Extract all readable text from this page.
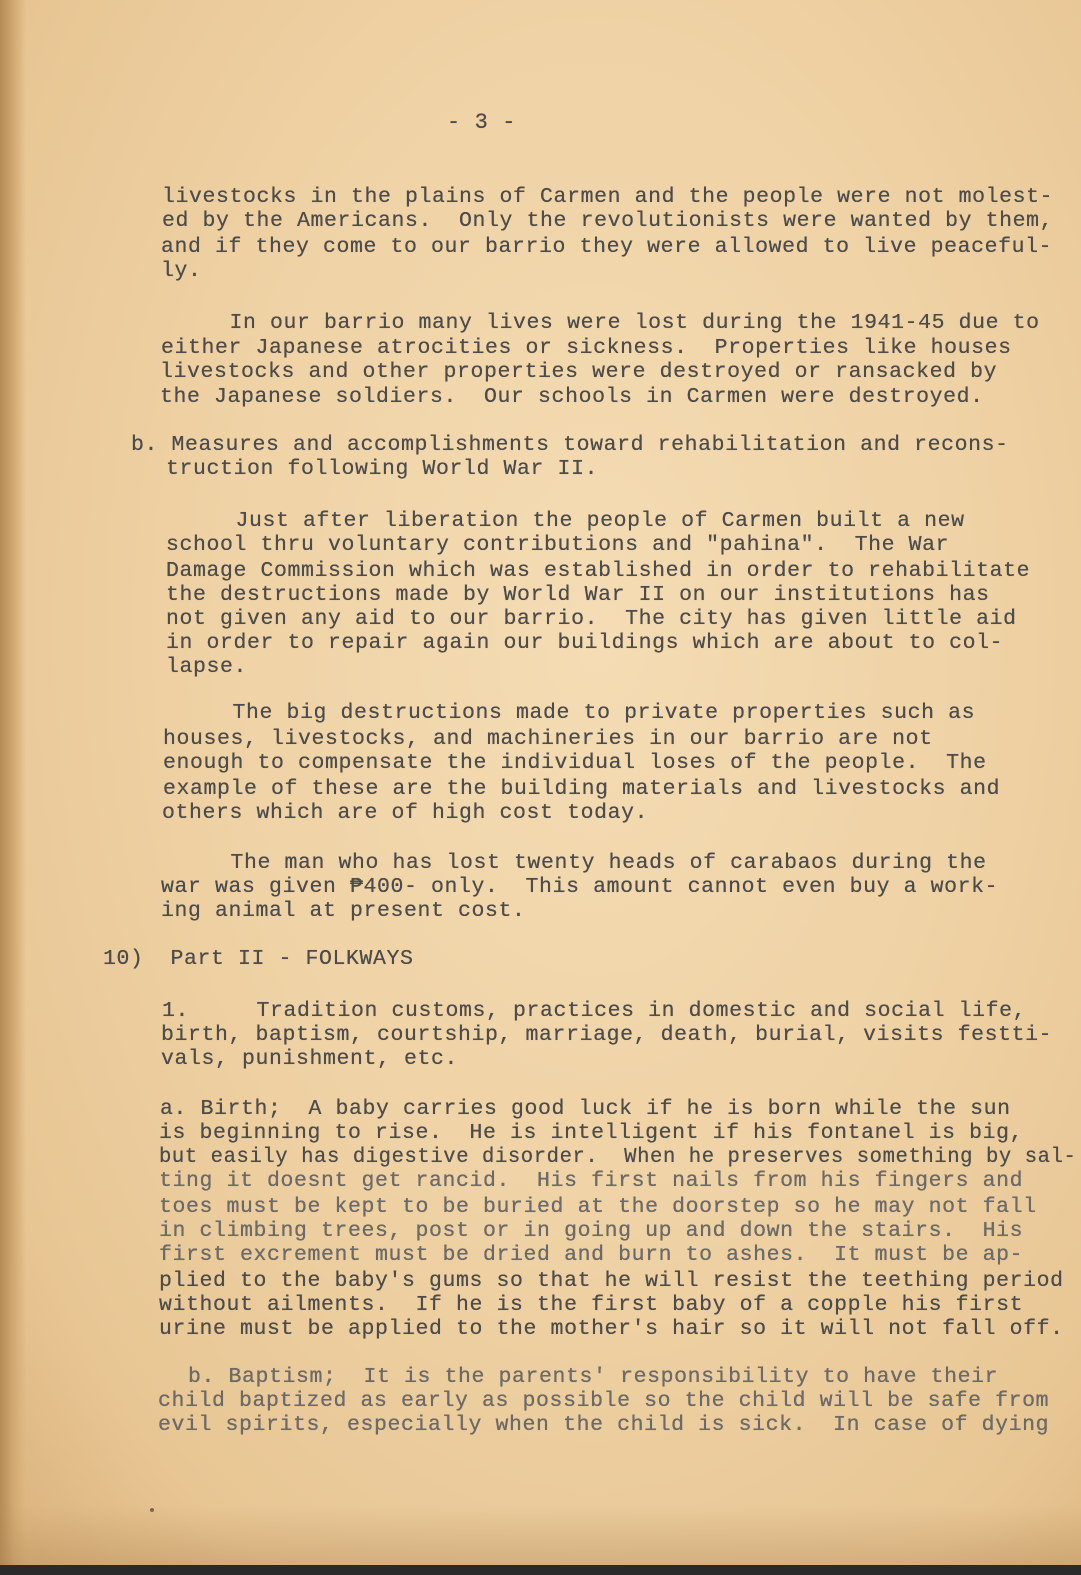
- 3 -
livestocks in the plains of Carmen and the people were not molest-
ed by the Americans.  Only the revolutionists were wanted by them,
and if they come to our barrio they were allowed to live peaceful-
ly.
In our barrio many lives were lost during the 1941-45 due to
either Japanese atrocities or sickness.  Properties like houses
livestocks and other properties were destroyed or ransacked by
the Japanese soldiers.  Our schools in Carmen were destroyed.
b. Measures and accomplishments toward rehabilitation and recons-
truction following World War II.
Just after liberation the people of Carmen built a new
school thru voluntary contributions and "pahina".  The War
Damage Commission which was established in order to rehabilitate
the destructions made by World War II on our institutions has
not given any aid to our barrio.  The city has given little aid
in order to repair again our buildings which are about to col-
lapse.
The big destructions made to private properties such as
houses, livestocks, and machineries in our barrio are not
enough to compensate the individual loses of the people.  The
example of these are the building materials and livestocks and
others which are of high cost today.
The man who has lost twenty heads of carabaos during the
war was given ₱400- only.  This amount cannot even buy a work-
ing animal at present cost.
10)  Part II - FOLKWAYS
1.     Tradition customs, practices in domestic and social life,
birth, baptism, courtship, marriage, death, burial, visits festti-
vals, punishment, etc.
a. Birth;  A baby carries good luck if he is born while the sun
is beginning to rise.  He is intelligent if his fontanel is big,
but easily has digestive disorder.  When he preserves something by sal-
ting it doesnt get rancid.  His first nails from his fingers and
toes must be kept to be buried at the doorstep so he may not fall
in climbing trees, post or in going up and down the stairs.  His
first excrement must be dried and burn to ashes.  It must be ap-
plied to the baby's gums so that he will resist the teething period
without ailments.  If he is the first baby of a copple his first
urine must be applied to the mother's hair so it will not fall off.
b. Baptism;  It is the parents' responsibility to have their
child baptized as early as possible so the child will be safe from
evil spirits, especially when the child is sick.  In case of dying
